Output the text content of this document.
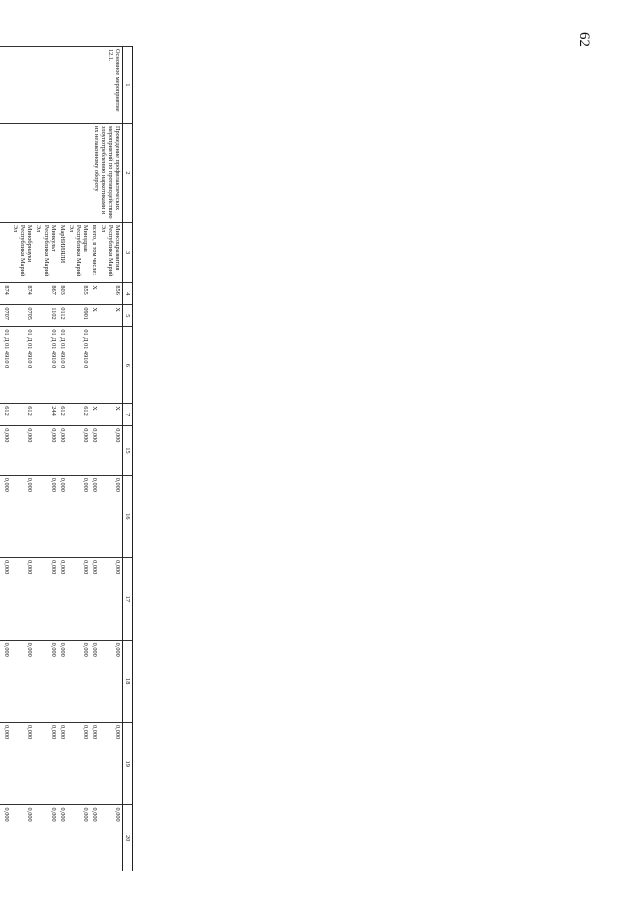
62
1	2	3	4	5	6	7	15	16	17	18	19	20
Основное мероприятие 12.1.	Проведение профилактических мероприятий по противодействию злоупотреблению наркотиками и их незаконному обороту	Минсоцразвития Республики Марий Эл	856	Х		Х	0,000	0,000	0,000	0,000	0,000	0,000
		всего, в том числе:	Х	Х		Х	0,000	0,000	0,000	0,000	0,000	0,000
		Минздрав Республики Марий Эл	855	0901	01 Д 01 4910 0	612	0,000	0,000	0,000	0,000	0,000	0,000
		МарНИИЯЛИ	803	0112	01 Д 01 4910 0	612	0,000	0,000	0,000	0,000	0,000	0,000
		Минкульт Республики Марий Эл	867	1102	01 Д 01 4910 0	244	0,000	0,000	0,000	0,000	0,000	0,000
		Минобрнауки Республики Марий Эл	874	0705	01 Д 01 4910 0	612	0,000	0,000	0,000	0,000	0,000	0,000
			874	0707	01 Д 01 4910 0	612	0,000	0,000	0,000	0,000	0,000	0,000
